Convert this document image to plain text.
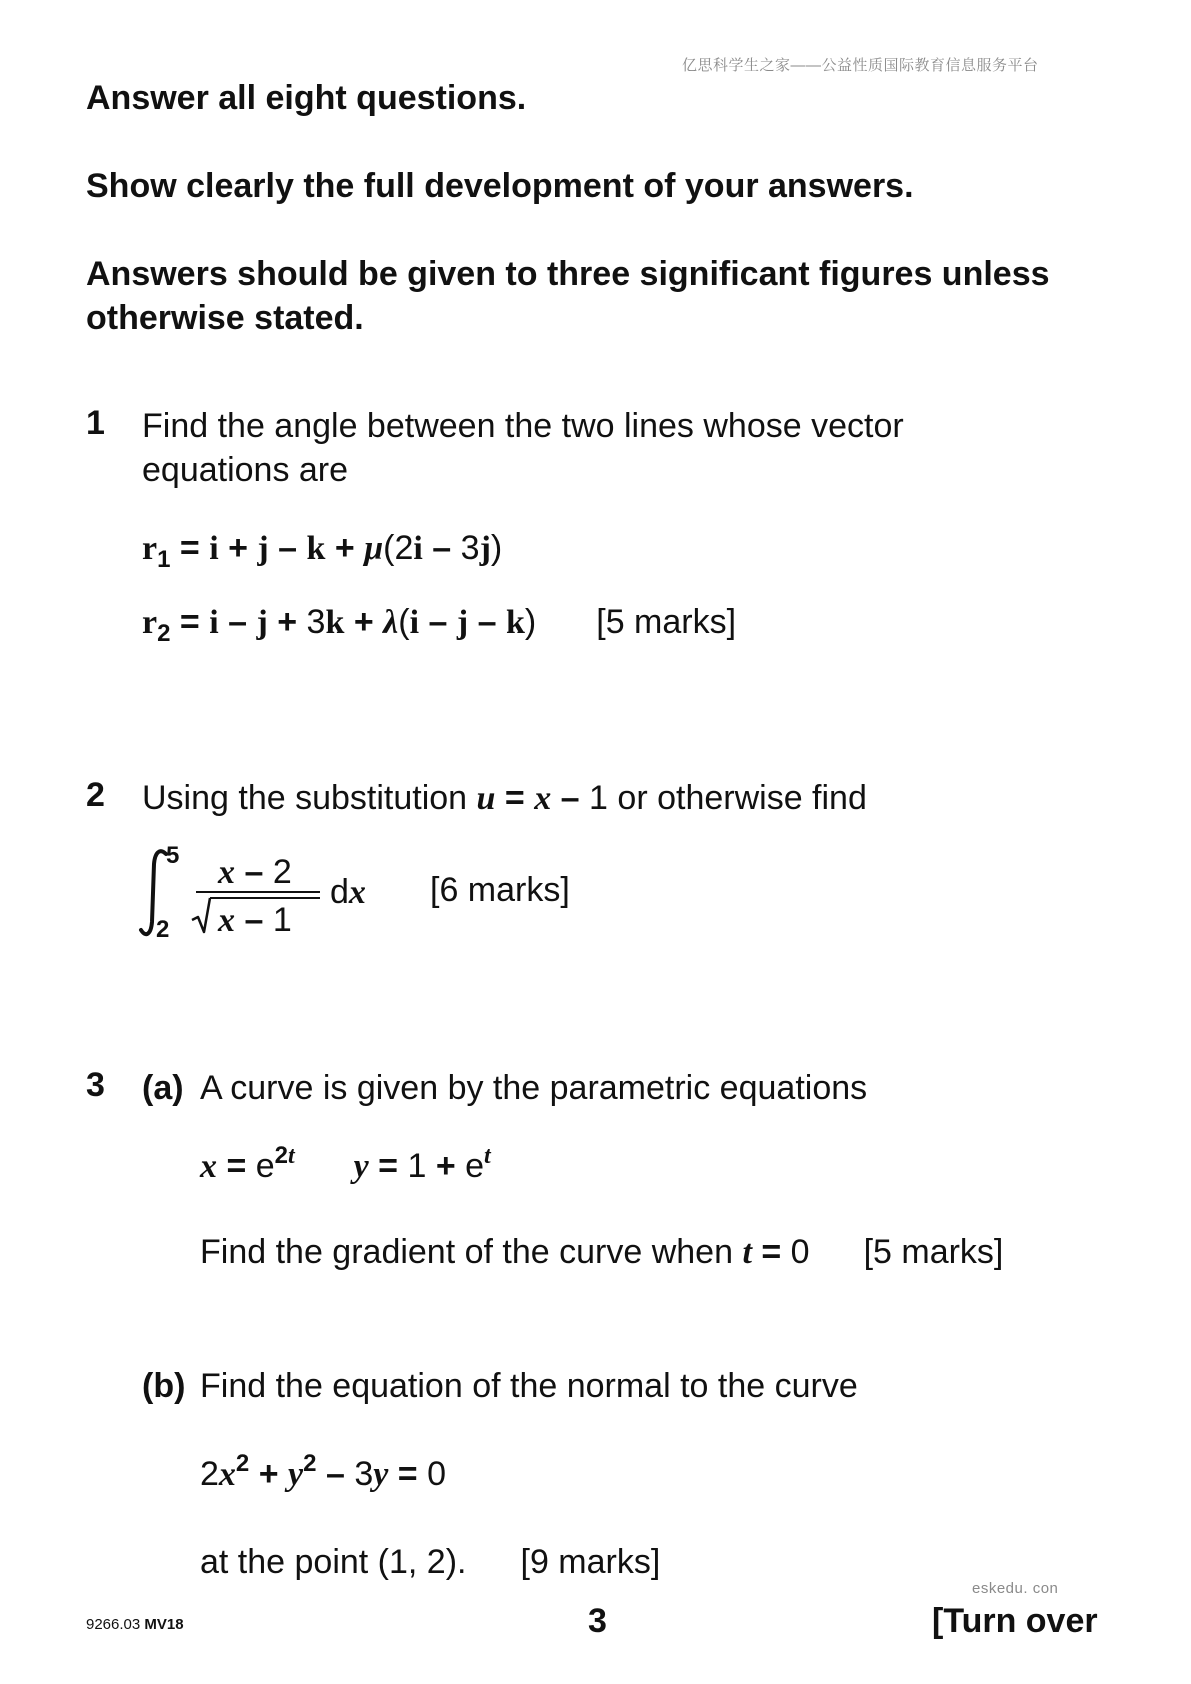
亿思科学生之家——公益性质国际教育信息服务平台
Answer all eight questions.
Show clearly the full development of your answers.
Answers should be given to three significant figures unless
otherwise stated.
1 Find the angle between the two lines whose vector
equations are
$r_1 = i + j - k + \mu(2i - 3j)$
$r_2 = i - j + 3k + \lambda(i - j - k)$ [5 marks]
2 Using the substitution u = x – 1 or otherwise find
5
2
x – 2
x – 1
dx [6 marks]
3 (a) A curve is given by the parametric equations
$x = e^{2t}$ $y = 1 + e^t$
Find the gradient of the curve when t = 0 [5 marks]
(b) Find the equation of the normal to the curve
$2x^2 + y^2 - 3y = 0$
at the point (1, 2). [9 marks]
eskedu. con
9266.03 MV18	3	[Turn over
